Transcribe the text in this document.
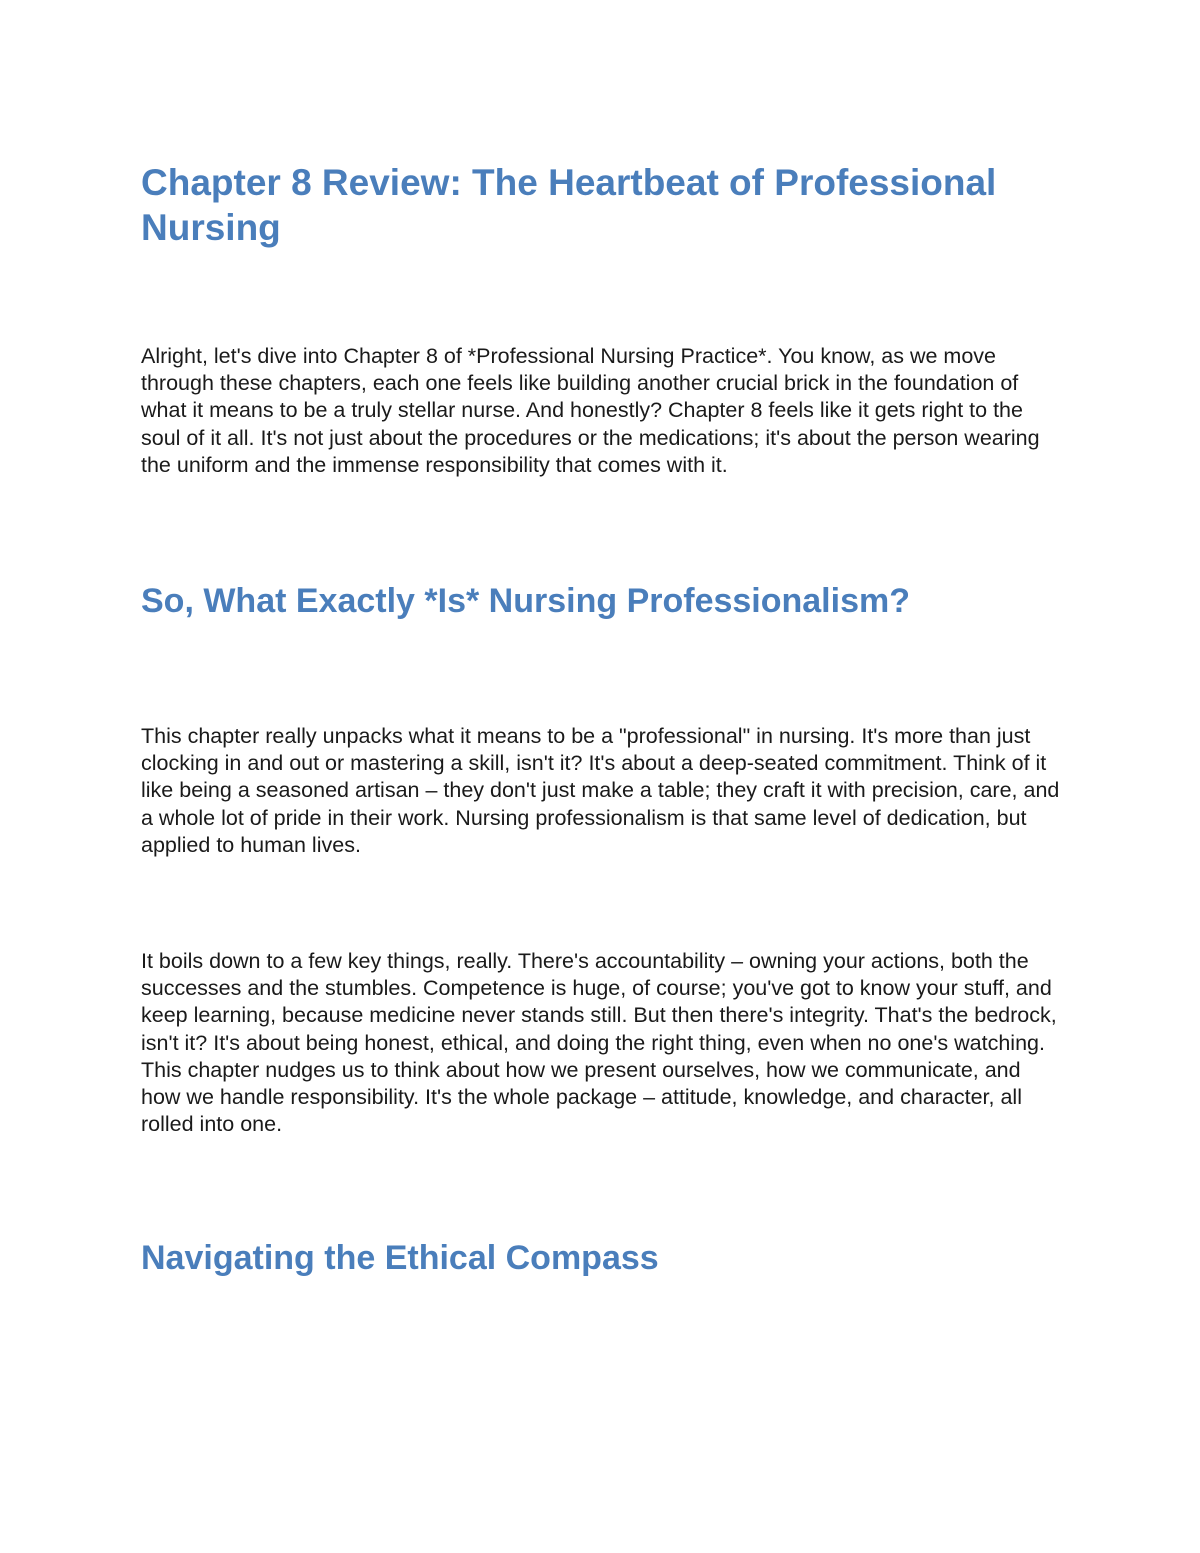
Chapter 8 Review: The Heartbeat of Professional Nursing

Alright, let's dive into Chapter 8 of *Professional Nursing Practice*. You know, as we move through these chapters, each one feels like building another crucial brick in the foundation of what it means to be a truly stellar nurse. And honestly? Chapter 8 feels like it gets right to the soul of it all. It's not just about the procedures or the medications; it's about the person wearing the uniform and the immense responsibility that comes with it.

So, What Exactly *Is* Nursing Professionalism?

This chapter really unpacks what it means to be a "professional" in nursing. It's more than just clocking in and out or mastering a skill, isn't it? It's about a deep-seated commitment. Think of it like being a seasoned artisan – they don't just make a table; they craft it with precision, care, and a whole lot of pride in their work. Nursing professionalism is that same level of dedication, but applied to human lives.

It boils down to a few key things, really. There's accountability – owning your actions, both the successes and the stumbles. Competence is huge, of course; you've got to know your stuff, and keep learning, because medicine never stands still. But then there's integrity. That's the bedrock, isn't it? It's about being honest, ethical, and doing the right thing, even when no one's watching. This chapter nudges us to think about how we present ourselves, how we communicate, and how we handle responsibility. It's the whole package – attitude, knowledge, and character, all rolled into one.

Navigating the Ethical Compass
